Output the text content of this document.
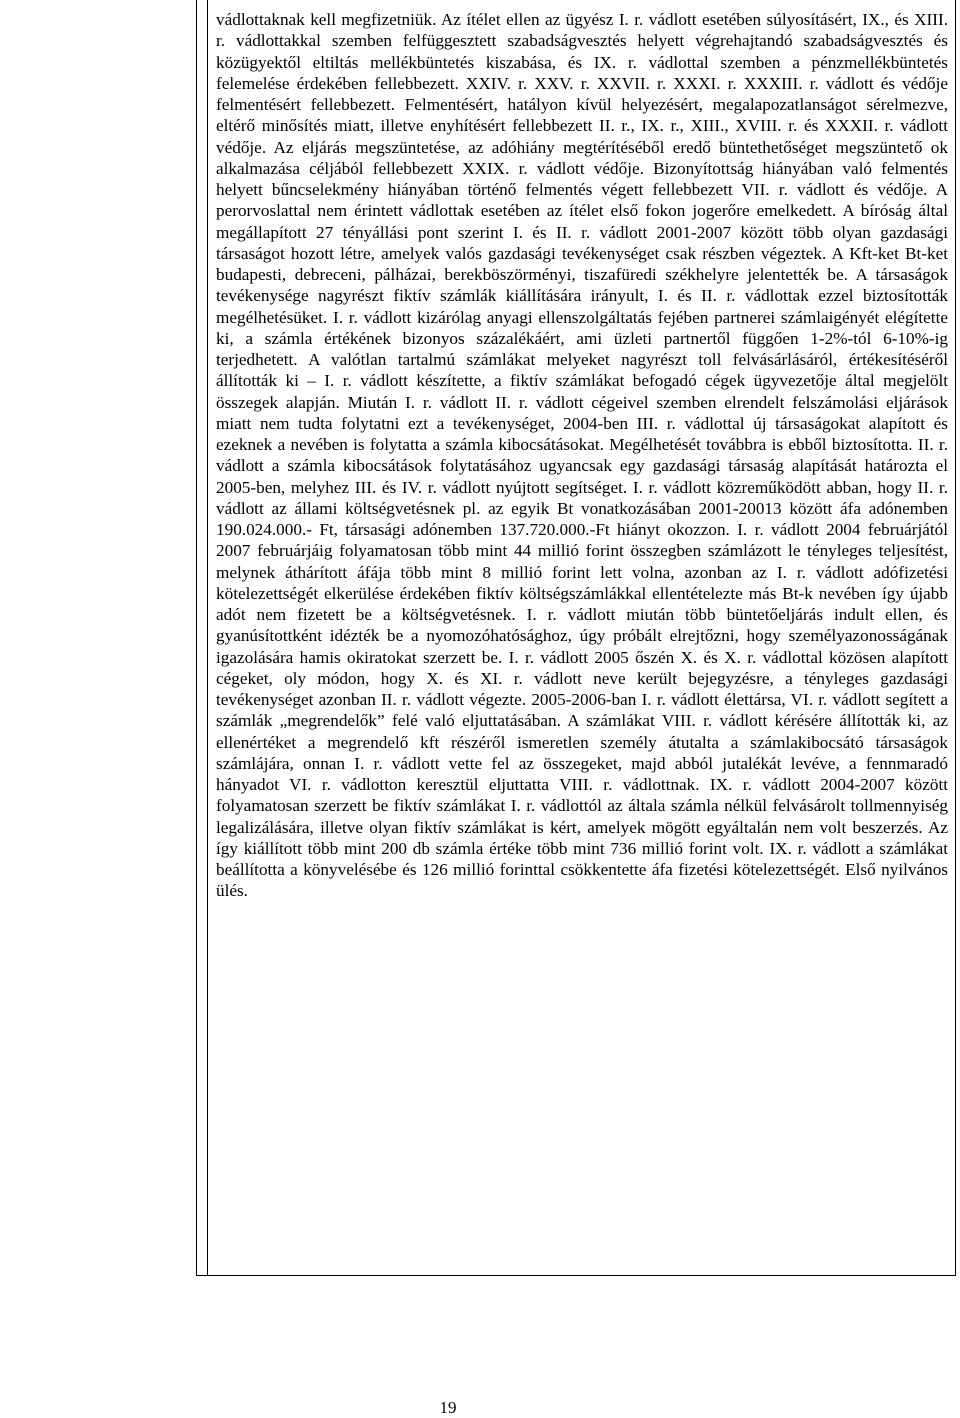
vádlottaknak kell megfizetniük. Az ítélet ellen az ügyész I. r. vádlott esetében súlyosításért, IX., és XIII. r. vádlottakkal szemben felfüggesztett szabadságvesztés helyett végrehajtandó szabadságvesztés és közügyektől eltiltás mellékbüntetés kiszabása, és IX. r. vádlottal szemben a pénzmellékbüntetés felemelése érdekében fellebbezett. XXIV. r. XXV. r. XXVII. r. XXXI. r. XXXIII. r. vádlott és védője felmentésért fellebbezett. Felmentésért, hatályon kívül helyezésért, megalapozatlanságot sérelmezve, eltérő minősítés miatt, illetve enyhítésért fellebbezett II. r., IX. r., XIII., XVIII. r. és XXXII. r. vádlott védője. Az eljárás megszüntetése, az adóhiány megtérítéséből eredő büntethetőséget megszüntető ok alkalmazása céljából fellebbezett XXIX. r. vádlott védője. Bizonyítottság hiányában való felmentés helyett bűncselekmény hiányában történő felmentés végett fellebbezett VII. r. vádlott és védője. A perorvoslattal nem érintett vádlottak esetében az ítélet első fokon jogerőre emelkedett. A bíróság által megállapított 27 tényállási pont szerint I. és II. r. vádlott 2001-2007 között több olyan gazdasági társaságot hozott létre, amelyek valós gazdasági tevékenységet csak részben végeztek. A Kft-ket Bt-ket budapesti, debreceni, pálházai, berekböszörményi, tiszafüredi székhelyre jelentették be. A társaságok tevékenysége nagyrészt fiktív számlák kiállítására irányult, I. és II. r. vádlottak ezzel biztosították megélhetésüket. I. r. vádlott kizárólag anyagi ellenszolgáltatás fejében partnerei számlaigényét elégítette ki, a számla értékének bizonyos százalékáért, ami üzleti partnertől függően 1-2%-tól 6-10%-ig terjedhetett. A valótlan tartalmú számlákat melyeket nagyrészt toll felvásárlásáról, értékesítéséről állították ki – I. r. vádlott készítette, a fiktív számlákat befogadó cégek ügyvezetője által megjelölt összegek alapján. Miután I. r. vádlott II. r. vádlott cégeivel szemben elrendelt felszámolási eljárások miatt nem tudta folytatni ezt a tevékenységet, 2004-ben III. r. vádlottal új társaságokat alapított és ezeknek a nevében is folytatta a számla kibocsátásokat. Megélhetését továbbra is ebből biztosította. II. r. vádlott a számla kibocsátások folytatásához ugyancsak egy gazdasági társaság alapítását határozta el 2005-ben, melyhez III. és IV. r. vádlott nyújtott segítséget. I. r. vádlott közreműködött abban, hogy II. r. vádlott az állami költségvetésnek pl. az egyik Bt vonatkozásában 2001-20013 között áfa adónemben 190.024.000.- Ft, társasági adónemben 137.720.000.-Ft hiányt okozzon. I. r. vádlott 2004 februárjától 2007 februárjáig folyamatosan több mint 44 millió forint összegben számlázott le tényleges teljesítést, melynek áthárított áfája több mint 8 millió forint lett volna, azonban az I. r. vádlott adófizetési kötelezettségét elkerülése érdekében fiktív költségszámlákkal ellentételezte más Bt-k nevében így újabb adót nem fizetett be a költségvetésnek. I. r. vádlott miután több büntetőeljárás indult ellen, és gyanúsítottként idézték be a nyomozóhatósághoz, úgy próbált elrejtőzni, hogy személyazonosságának igazolására hamis okiratokat szerzett be. I. r. vádlott 2005 őszén X. és X. r. vádlottal közösen alapított cégeket, oly módon, hogy X. és XI. r. vádlott neve került bejegyzésre, a tényleges gazdasági tevékenységet azonban II. r. vádlott végezte. 2005-2006-ban I. r. vádlott élettársa, VI. r. vádlott segített a számlák „megrendelők” felé való eljuttatásában. A számlákat VIII. r. vádlott kérésére állították ki, az ellenértéket a megrendelő kft részéről ismeretlen személy átutalta a számlakibocsátó társaságok számlájára, onnan I. r. vádlott vette fel az összegeket, majd abból jutalékát levéve, a fennmaradó hányadot VI. r. vádlotton keresztül eljuttatta VIII. r. vádlottnak. IX. r. vádlott 2004-2007 között folyamatosan szerzett be fiktív számlákat I. r. vádlottól az általa számla nélkül felvásárolt tollmennyiség legalizálására, illetve olyan fiktív számlákat is kért, amelyek mögött egyáltalán nem volt beszerzés. Az így kiállított több mint 200 db számla értéke több mint 736 millió forint volt. IX. r. vádlott a számlákat beállította a könyvelésébe és 126 millió forinttal csökkentette áfa fizetési kötelezettségét. Első nyilvános ülés.
19
